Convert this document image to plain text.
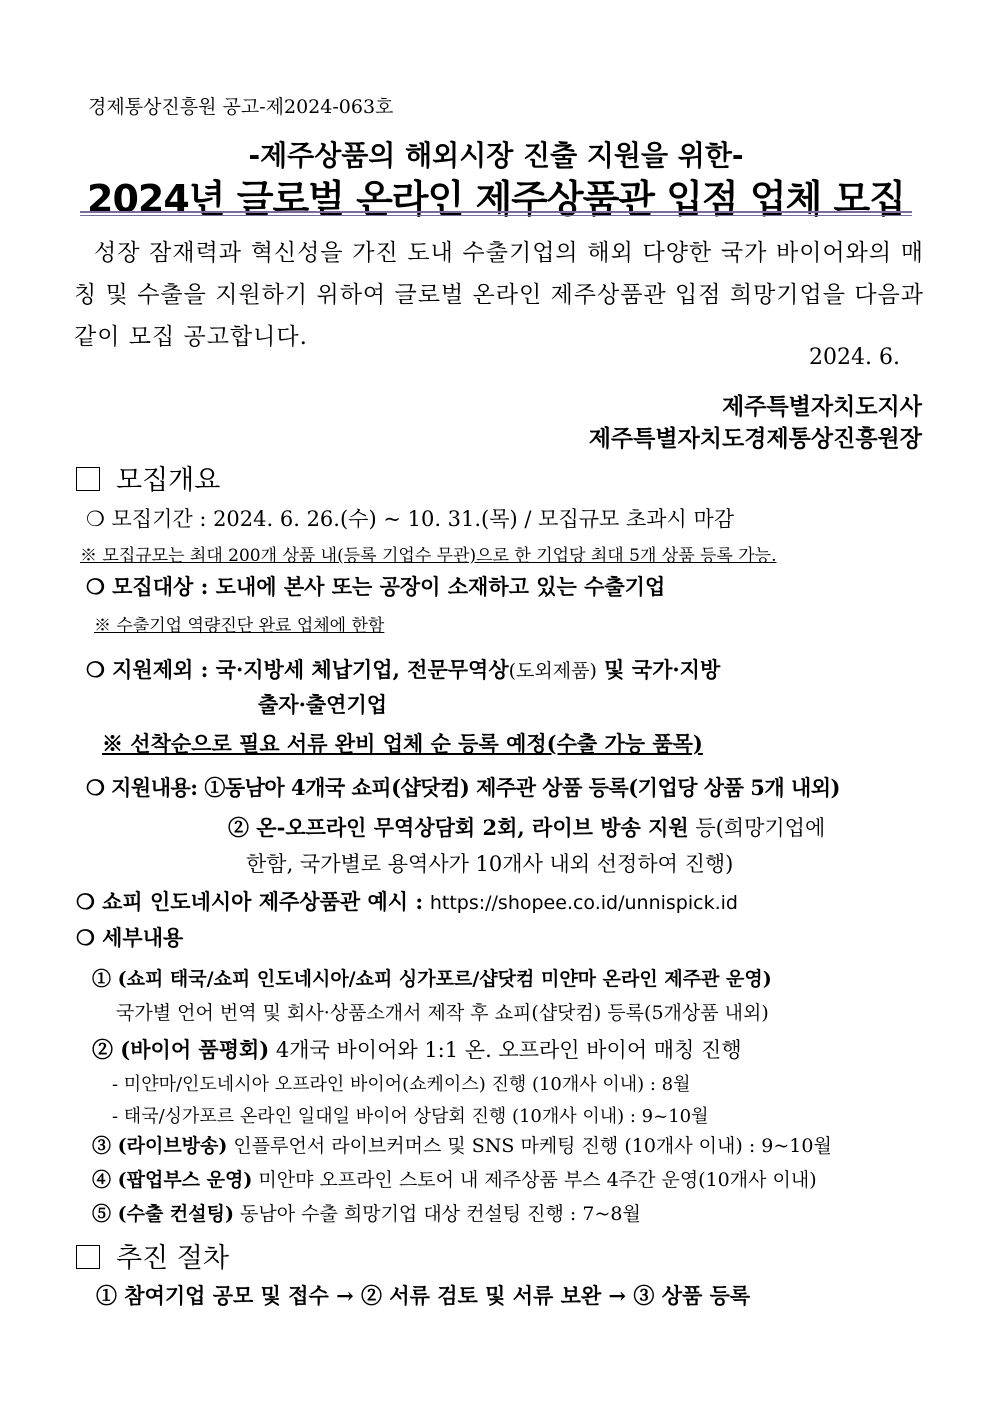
경제통상진흥원 공고-제2024-063호
-제주상품의 해외시장 진출 지원을 위한-
2024년 글로벌 온라인 제주상품관 입점 업체 모집
성장 잠재력과 혁신성을 가진 도내 수출기업의 해외 다양한 국가 바이어와의 매칭 및 수출을 지원하기 위하여 글로벌 온라인 제주상품관 입점 희망기업을 다음과 같이 모집 공고합니다.
2024. 6.
제주특별자치도지사
제주특별자치도경제통상진흥원장
모집개요
❍ 모집기간 : 2024. 6. 26.(수) ~ 10. 31.(목) / 모집규모 초과시 마감
※ 모집규모는 최대 200개 상품 내(등록 기업수 무관)으로 한 기업당 최대 5개 상품 등록 가능.
❍ 모집대상 : 도내에 본사 또는 공장이 소재하고 있는 수출기업
※ 수출기업 역량진단 완료 업체에 한함
❍ 지원제외 : 국·지방세 체납기업, 전문무역상(도외제품) 및 국가·지방
출자·출연기업
※ 선착순으로 필요 서류 완비 업체 순 등록 예정(수출 가능 품목)
❍ 지원내용: ①동남아 4개국 쇼피(샵닷컴) 제주관 상품 등록(기업당 상품 5개 내외)
② 온-오프라인 무역상담회 2회, 라이브 방송 지원 등(희망기업에
한함, 국가별로 용역사가 10개사 내외 선정하여 진행)
❍ 쇼피 인도네시아 제주상품관 예시 : https://shopee.co.id/unnispick.id
❍ 세부내용
① (쇼피 태국/쇼피 인도네시아/쇼피 싱가포르/샵닷컴 미얀마 온라인 제주관 운영)
국가별 언어 번역 및 회사·상품소개서 제작 후 쇼피(샵닷컴) 등록(5개상품 내외)
② (바이어 품평회) 4개국 바이어와 1:1 온. 오프라인 바이어 매칭 진행
- 미얀마/인도네시아 오프라인 바이어(쇼케이스) 진행 (10개사 이내) : 8월
- 태국/싱가포르 온라인 일대일 바이어 상담회 진행 (10개사 이내) : 9~10월
③ (라이브방송) 인플루언서 라이브커머스 및 SNS 마케팅 진행 (10개사 이내) : 9~10월
④ (팝업부스 운영) 미안먀 오프라인 스토어 내 제주상품 부스 4주간 운영(10개사 이내)
⑤ (수출 컨설팅) 동남아 수출 희망기업 대상 컨설팅 진행 : 7~8월
추진 절차
① 참여기업 공모 및 접수 → ② 서류 검토 및 서류 보완 → ③ 상품 등록
